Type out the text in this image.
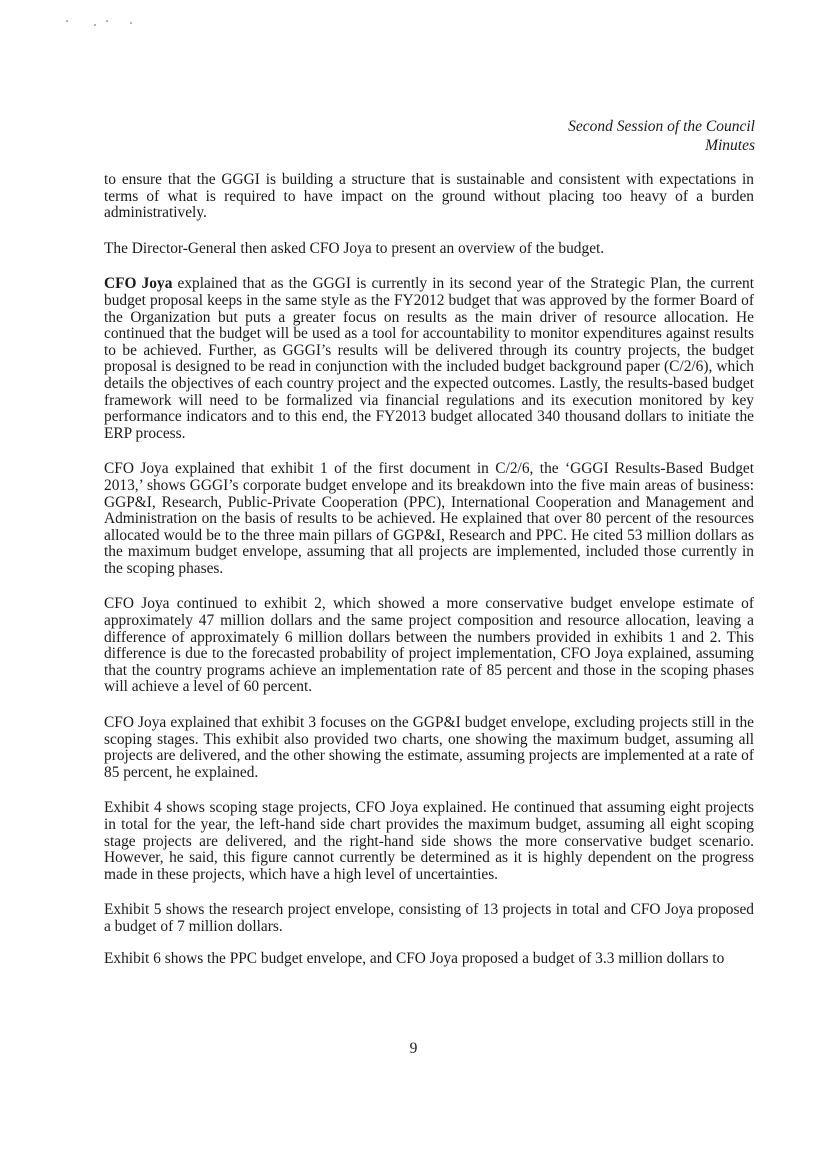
Second Session of the Council
Minutes

to ensure that the GGGI is building a structure that is sustainable and consistent with expectations in terms of what is required to have impact on the ground without placing too heavy of a burden administratively.

The Director-General then asked CFO Joya to present an overview of the budget.

CFO Joya explained that as the GGGI is currently in its second year of the Strategic Plan, the current budget proposal keeps in the same style as the FY2012 budget that was approved by the former Board of the Organization but puts a greater focus on results as the main driver of resource allocation. He continued that the budget will be used as a tool for accountability to monitor expenditures against results to be achieved. Further, as GGGI’s results will be delivered through its country projects, the budget proposal is designed to be read in conjunction with the included budget background paper (C/2/6), which details the objectives of each country project and the expected outcomes. Lastly, the results-based budget framework will need to be formalized via financial regulations and its execution monitored by key performance indicators and to this end, the FY2013 budget allocated 340 thousand dollars to initiate the ERP process.

CFO Joya explained that exhibit 1 of the first document in C/2/6, the ‘GGGI Results-Based Budget 2013,’ shows GGGI’s corporate budget envelope and its breakdown into the five main areas of business: GGP&I, Research, Public-Private Cooperation (PPC), International Cooperation and Management and Administration on the basis of results to be achieved. He explained that over 80 percent of the resources allocated would be to the three main pillars of GGP&I, Research and PPC. He cited 53 million dollars as the maximum budget envelope, assuming that all projects are implemented, included those currently in the scoping phases.

CFO Joya continued to exhibit 2, which showed a more conservative budget envelope estimate of approximately 47 million dollars and the same project composition and resource allocation, leaving a difference of approximately 6 million dollars between the numbers provided in exhibits 1 and 2. This difference is due to the forecasted probability of project implementation, CFO Joya explained, assuming that the country programs achieve an implementation rate of 85 percent and those in the scoping phases will achieve a level of 60 percent.

CFO Joya explained that exhibit 3 focuses on the GGP&I budget envelope, excluding projects still in the scoping stages. This exhibit also provided two charts, one showing the maximum budget, assuming all projects are delivered, and the other showing the estimate, assuming projects are implemented at a rate of 85 percent, he explained.

Exhibit 4 shows scoping stage projects, CFO Joya explained. He continued that assuming eight projects in total for the year, the left-hand side chart provides the maximum budget, assuming all eight scoping stage projects are delivered, and the right-hand side shows the more conservative budget scenario. However, he said, this figure cannot currently be determined as it is highly dependent on the progress made in these projects, which have a high level of uncertainties.

Exhibit 5 shows the research project envelope, consisting of 13 projects in total and CFO Joya proposed a budget of 7 million dollars.

Exhibit 6 shows the PPC budget envelope, and CFO Joya proposed a budget of 3.3 million dollars to

9
